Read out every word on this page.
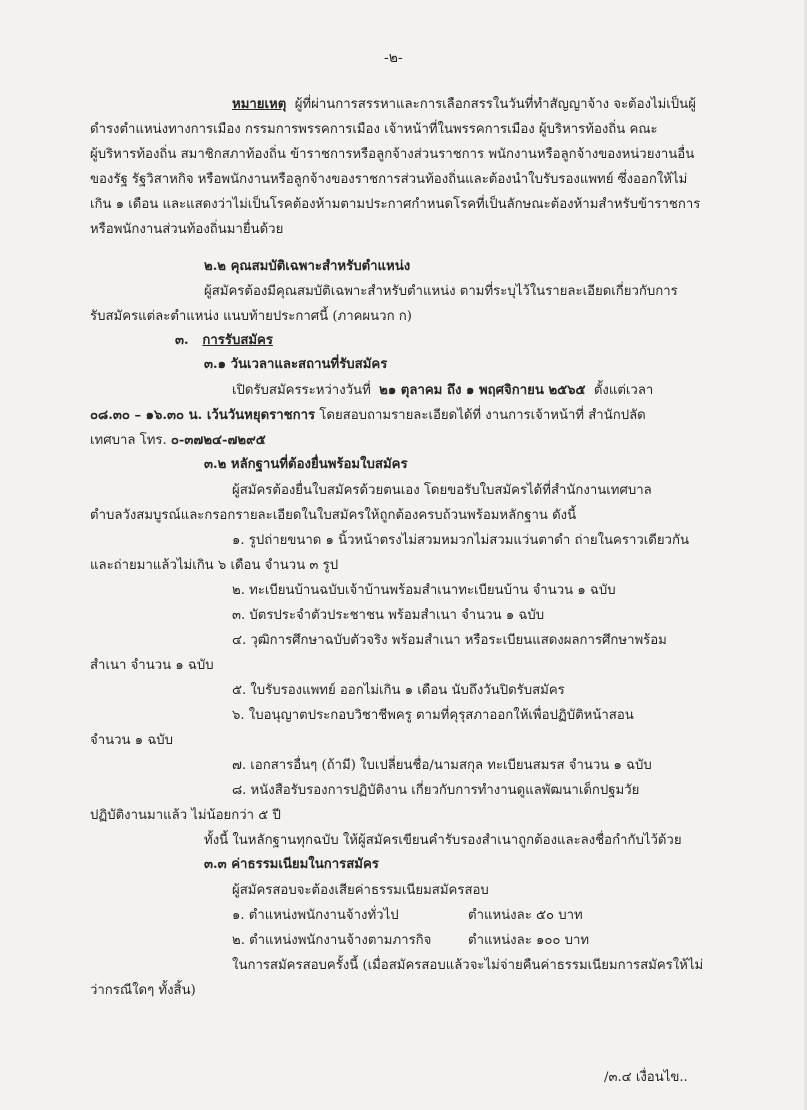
-๒-
หมายเหตุ ผู้ที่ผ่านการสรรหาและการเลือกสรรในวันที่ทำสัญญาจ้าง จะต้องไม่เป็นผู้
ดำรงตำแหน่งทางการเมือง กรรมการพรรคการเมือง เจ้าหน้าที่ในพรรคการเมือง ผู้บริหารท้องถิ่น คณะ
ผู้บริหารท้องถิ่น สมาชิกสภาท้องถิ่น ข้าราชการหรือลูกจ้างส่วนราชการ พนักงานหรือลูกจ้างของหน่วยงานอื่น
ของรัฐ รัฐวิสาหกิจ หรือพนักงานหรือลูกจ้างของราชการส่วนท้องถิ่นและต้องนำใบรับรองแพทย์ ซึ่งออกให้ไม่
เกิน ๑ เดือน และแสดงว่าไม่เป็นโรคต้องห้ามตามประกาศกำหนดโรคที่เป็นลักษณะต้องห้ามสำหรับข้าราชการ
หรือพนักงานส่วนท้องถิ่นมายื่นด้วย
๒.๒ คุณสมบัติเฉพาะสำหรับตำแหน่ง
ผู้สมัครต้องมีคุณสมบัติเฉพาะสำหรับตำแหน่ง ตามที่ระบุไว้ในรายละเอียดเกี่ยวกับการ
รับสมัครแต่ละตำแหน่ง แนบท้ายประกาศนี้ (ภาคผนวก ก)
๓. การรับสมัคร
๓.๑ วันเวลาและสถานที่รับสมัคร
เปิดรับสมัครระหว่างวันที่ ๒๑ ตุลาคม ถึง ๑ พฤศจิกายน ๒๕๖๕ ตั้งแต่เวลา
๐๘.๓๐ – ๑๖.๓๐ น. เว้นวันหยุดราชการ โดยสอบถามรายละเอียดได้ที่ งานการเจ้าหน้าที่ สำนักปลัด
เทศบาล โทร. ๐-๓๗๒๔-๗๒๙๕
๓.๒ หลักฐานที่ต้องยื่นพร้อมใบสมัคร
ผู้สมัครต้องยื่นใบสมัครด้วยตนเอง โดยขอรับใบสมัครได้ที่สำนักงานเทศบาล
ตำบลวังสมบูรณ์และกรอกรายละเอียดในใบสมัครให้ถูกต้องครบถ้วนพร้อมหลักฐาน ดังนี้
๑. รูปถ่ายขนาด ๑ นิ้วหน้าตรงไม่สวมหมวกไม่สวมแว่นตาดำ ถ่ายในคราวเดียวกัน
และถ่ายมาแล้วไม่เกิน ๖ เดือน จำนวน ๓ รูป
๒. ทะเบียนบ้านฉบับเจ้าบ้านพร้อมสำเนาทะเบียนบ้าน จำนวน ๑ ฉบับ
๓. บัตรประจำตัวประชาชน พร้อมสำเนา จำนวน ๑ ฉบับ
๔. วุฒิการศึกษาฉบับตัวจริง พร้อมสำเนา หรือระเบียนแสดงผลการศึกษาพร้อม
สำเนา จำนวน ๑ ฉบับ
๕. ใบรับรองแพทย์ ออกไม่เกิน ๑ เดือน นับถึงวันปิดรับสมัคร
๖. ใบอนุญาตประกอบวิชาชีพครู ตามที่คุรุสภาออกให้เพื่อปฏิบัติหน้าสอน
จำนวน ๑ ฉบับ
๗. เอกสารอื่นๆ (ถ้ามี) ใบเปลี่ยนชื่อ/นามสกุล ทะเบียนสมรส จำนวน ๑ ฉบับ
๘. หนังสือรับรองการปฏิบัติงาน เกี่ยวกับการทำงานดูแลพัฒนาเด็กปฐมวัย
ปฏิบัติงานมาแล้ว ไม่น้อยกว่า ๕ ปี
ทั้งนี้ ในหลักฐานทุกฉบับ ให้ผู้สมัครเขียนคำรับรองสำเนาถูกต้องและลงชื่อกำกับไว้ด้วย
๓.๓ ค่าธรรมเนียมในการสมัคร
ผู้สมัครสอบจะต้องเสียค่าธรรมเนียมสมัครสอบ
๑. ตำแหน่งพนักงานจ้างทั่วไป	ตำแหน่งละ ๕๐ บาท
๒. ตำแหน่งพนักงานจ้างตามภารกิจ	ตำแหน่งละ ๑๐๐ บาท
ในการสมัครสอบครั้งนี้ (เมื่อสมัครสอบแล้วจะไม่จ่ายคืนค่าธรรมเนียมการสมัครให้ไม่
ว่ากรณีใดๆ ทั้งสิ้น)
/๓.๔ เงื่อนไข..
